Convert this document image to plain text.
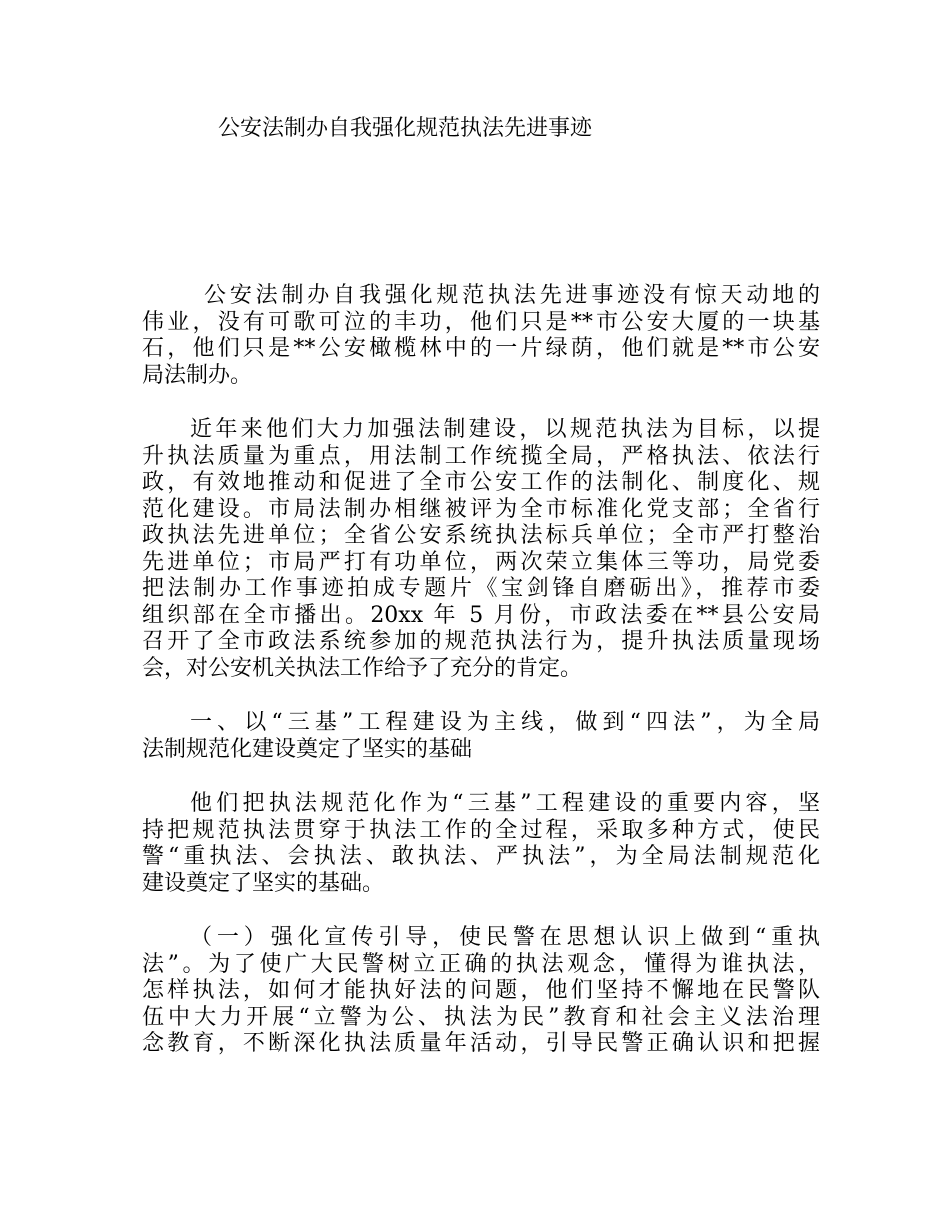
公安法制办自我强化规范执法先进事迹

公安法制办自我强化规范执法先进事迹没有惊天动地的
伟业，没有可歌可泣的丰功，他们只是**市公安大厦的一块基
石，他们只是**公安橄榄林中的一片绿荫，他们就是**市公安
局法制办。

近年来他们大力加强法制建设，以规范执法为目标，以提
升执法质量为重点，用法制工作统揽全局，严格执法、依法行
政，有效地推动和促进了全市公安工作的法制化、制度化、规
范化建设。市局法制办相继被评为全市标准化党支部；全省行
政执法先进单位；全省公安系统执法标兵单位；全市严打整治
先进单位；市局严打有功单位，两次荣立集体三等功，局党委
把法制办工作事迹拍成专题片《宝剑锋自磨砺出》，推荐市委
组织部在全市播出。20xx 年 5 月份，市政法委在**县公安局
召开了全市政法系统参加的规范执法行为，提升执法质量现场
会，对公安机关执法工作给予了充分的肯定。

一、以“三基”工程建设为主线，做到“四法”，为全局
法制规范化建设奠定了坚实的基础

他们把执法规范化作为“三基”工程建设的重要内容，坚
持把规范执法贯穿于执法工作的全过程，采取多种方式，使民
警“重执法、会执法、敢执法、严执法”，为全局法制规范化
建设奠定了坚实的基础。

（一）强化宣传引导，使民警在思想认识上做到“重执
法”。为了使广大民警树立正确的执法观念，懂得为谁执法，
怎样执法，如何才能执好法的问题，他们坚持不懈地在民警队
伍中大力开展“立警为公、执法为民”教育和社会主义法治理
念教育，不断深化执法质量年活动，引导民警正确认识和把握
